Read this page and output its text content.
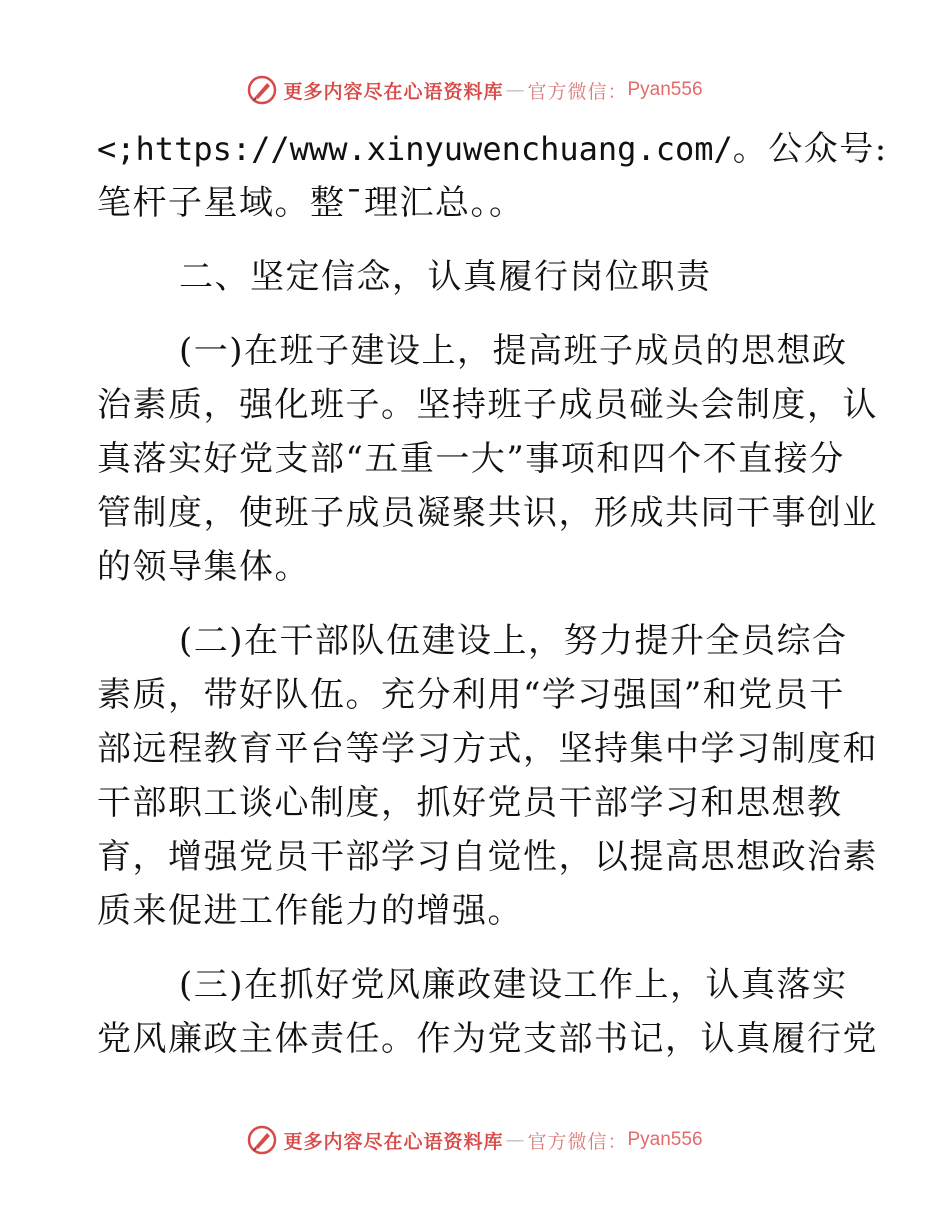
更多内容尽在心语资料库 — 官方微信： Pyan556
<;https://www.xinyuwenchuang.com/。公众号:
笔杆子星域。整¯理汇总。。
二、坚定信念，认真履行岗位职责
(一)在班子建设上，提高班子成员的思想政
治素质，强化班子。坚持班子成员碰头会制度，认
真落实好党支部“五重一大”事项和四个不直接分
管制度，使班子成员凝聚共识，形成共同干事创业
的领导集体。
(二)在干部队伍建设上，努力提升全员综合
素质，带好队伍。充分利用“学习强国”和党员干
部远程教育平台等学习方式，坚持集中学习制度和
干部职工谈心制度，抓好党员干部学习和思想教
育，增强党员干部学习自觉性，以提高思想政治素
质来促进工作能力的增强。
(三)在抓好党风廉政建设工作上，认真落实
党风廉政主体责任。作为党支部书记，认真履行党
更多内容尽在心语资料库 — 官方微信： Pyan556
